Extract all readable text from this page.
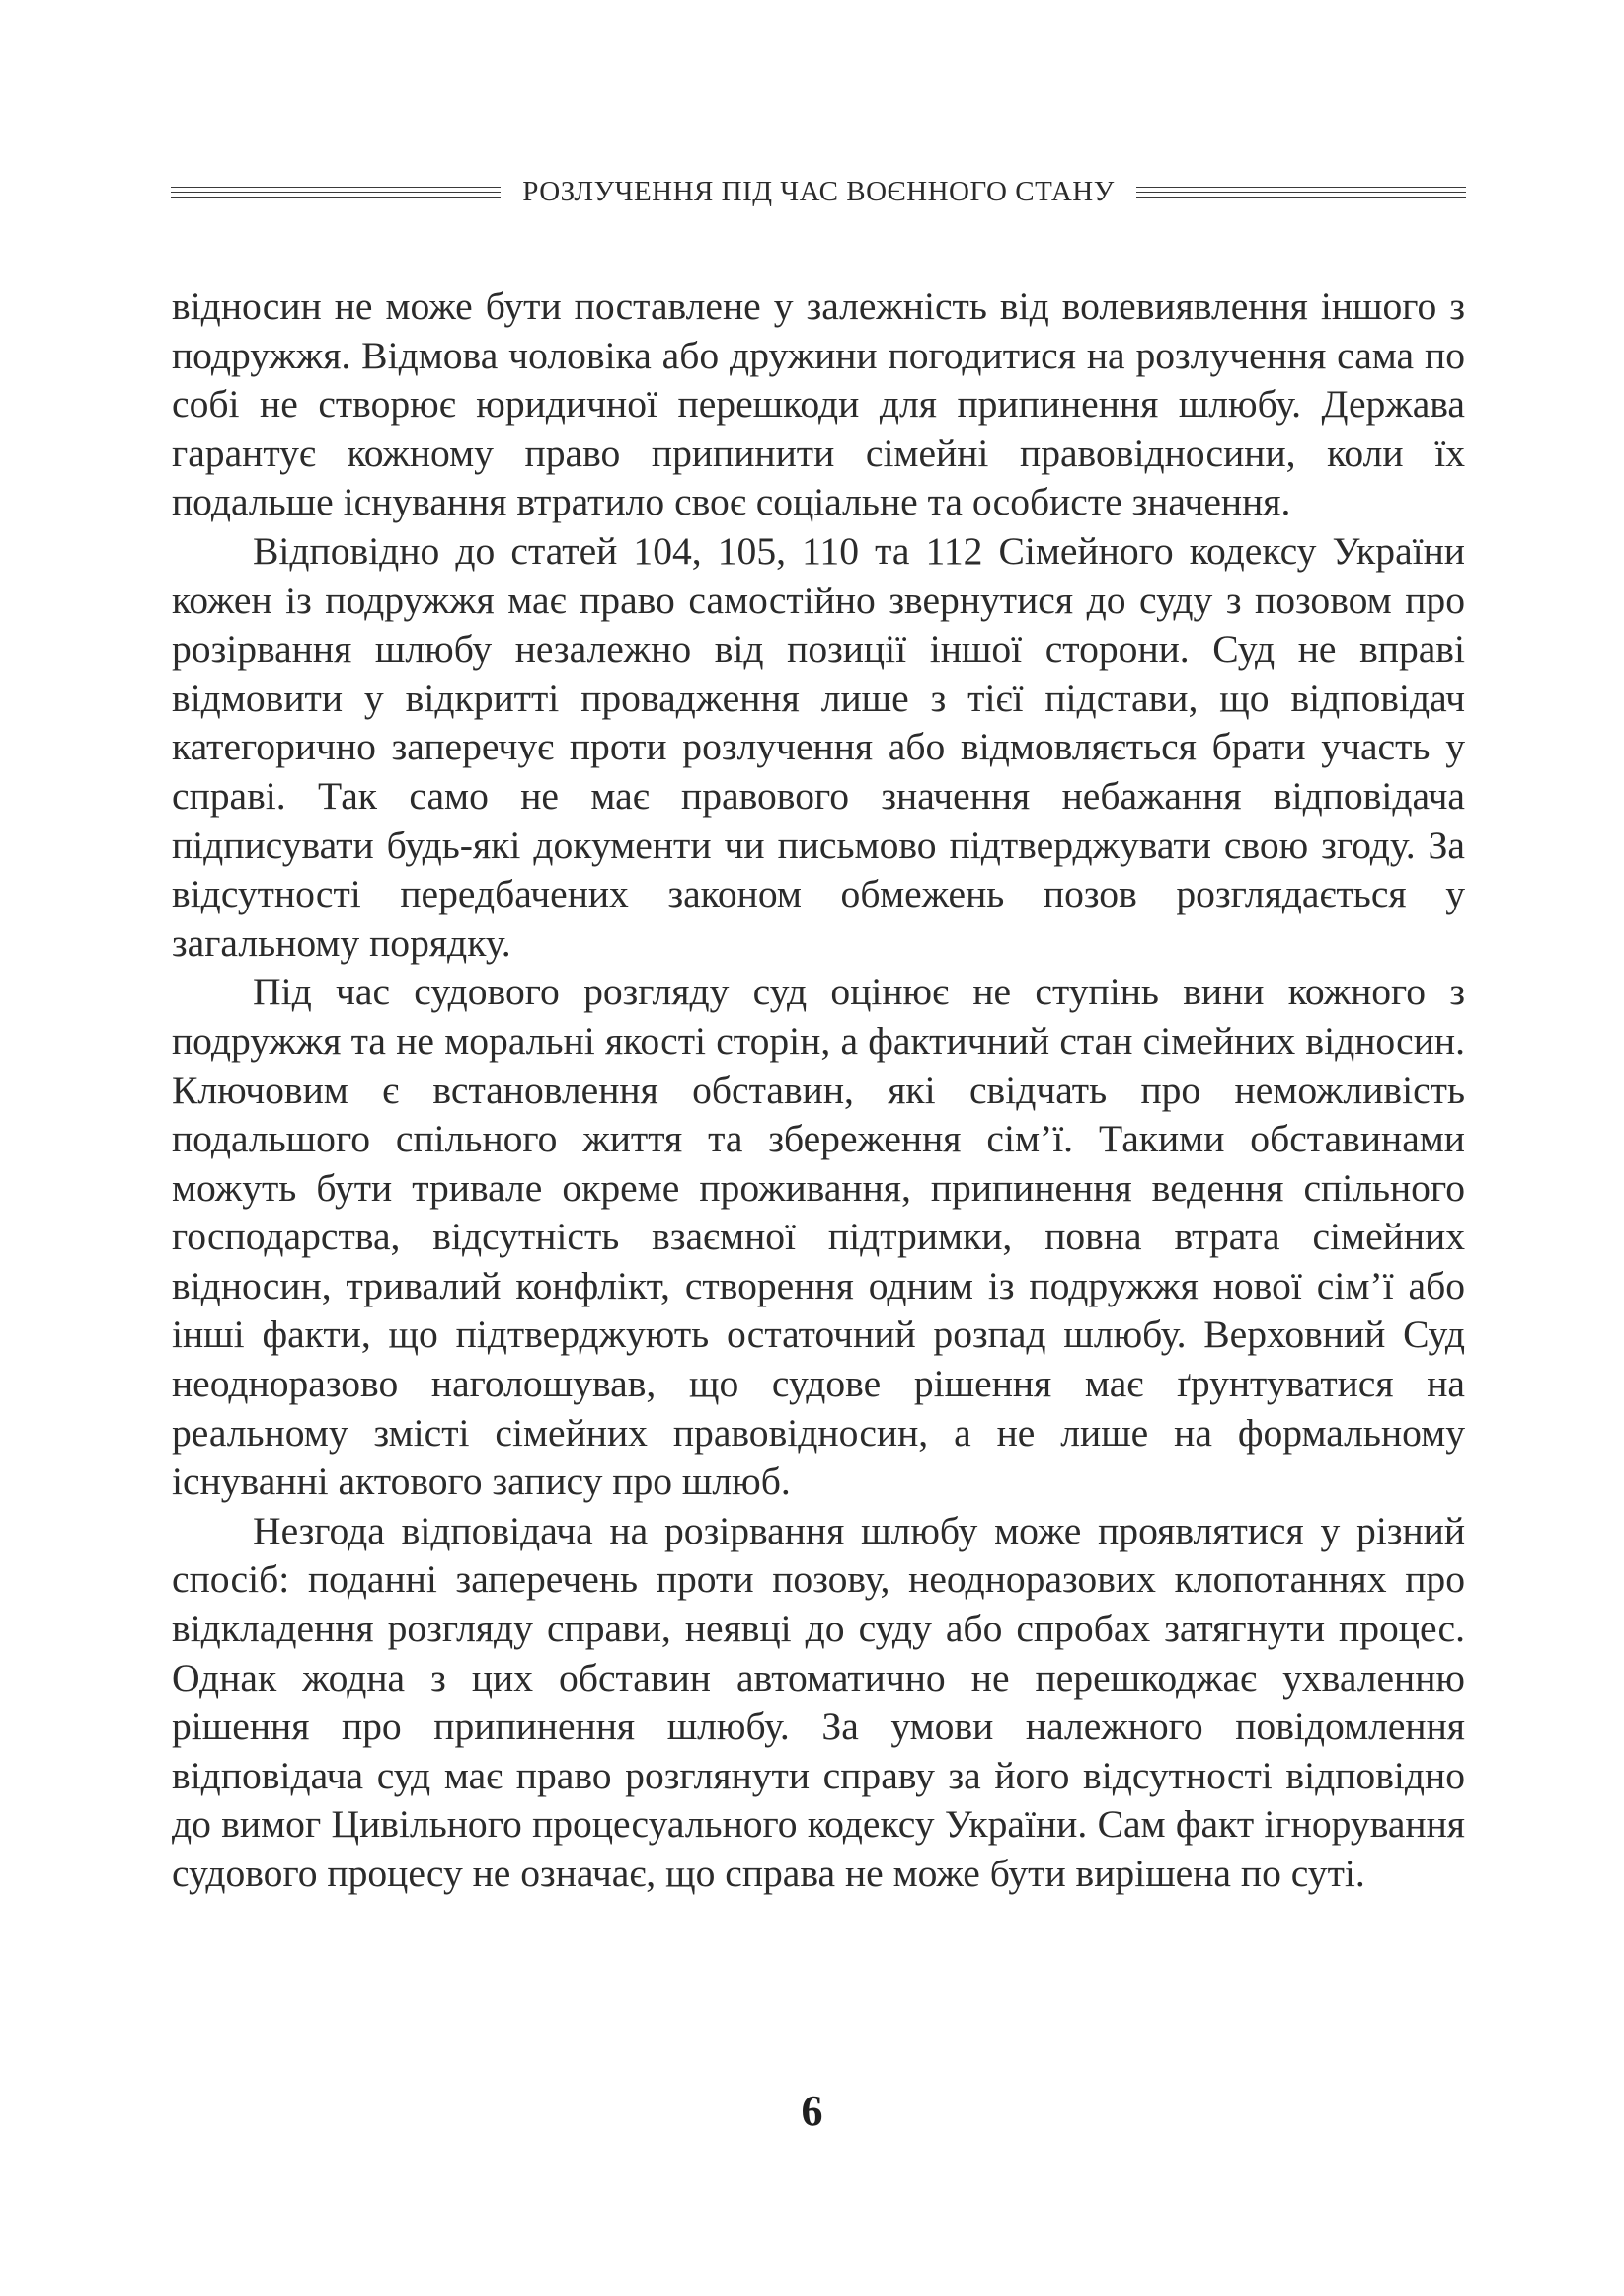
РОЗЛУЧЕННЯ ПІД ЧАС ВОЄННОГО СТАНУ

відносин не може бути поставлене у залежність від волевиявлення іншого з подружжя. Відмова чоловіка або дружини погодитися на розлучення сама по собі не створює юридичної перешкоди для припинення шлюбу. Держава гарантує кожному право припинити сімейні правовідносини, коли їх подальше існування втратило своє соціальне та особисте значення.

Відповідно до статей 104, 105, 110 та 112 Сімейного кодексу України кожен із подружжя має право самостійно звернутися до суду з позовом про розірвання шлюбу незалежно від позиції іншої сторони. Суд не вправі відмовити у відкритті провадження лише з тієї підстави, що відповідач категорично заперечує проти розлучення або відмовляється брати участь у справі. Так само не має правового значення небажання відповідача підписувати будь-які документи чи письмово підтверджувати свою згоду. За відсутності передбачених законом обмежень позов розглядається у загальному порядку.

Під час судового розгляду суд оцінює не ступінь вини кожного з подружжя та не моральні якості сторін, а фактичний стан сімейних відносин. Ключовим є встановлення обставин, які свідчать про неможливість подальшого спільного життя та збереження сім’ї. Такими обставинами можуть бути тривале окреме проживання, припинення ведення спільного господарства, відсутність взаємної підтримки, повна втрата сімейних відносин, тривалий конфлікт, створення одним із подружжя нової сім’ї або інші факти, що підтверджують остаточний розпад шлюбу. Верховний Суд неодноразово наголошував, що судове рішення має ґрунтуватися на реальному змісті сімейних правовідносин, а не лише на формальному існуванні актового запису про шлюб.

Незгода відповідача на розірвання шлюбу може проявлятися у різний спосіб: поданні заперечень проти позову, неодноразових клопотаннях про відкладення розгляду справи, неявці до суду або спробах затягнути процес. Однак жодна з цих обставин автоматично не перешкоджає ухваленню рішення про припинення шлюбу. За умови належного повідомлення відповідача суд має право розглянути справу за його відсутності відповідно до вимог Цивільного процесуального кодексу України. Сам факт ігнорування судового процесу не означає, що справа не може бути вирішена по суті.

6
